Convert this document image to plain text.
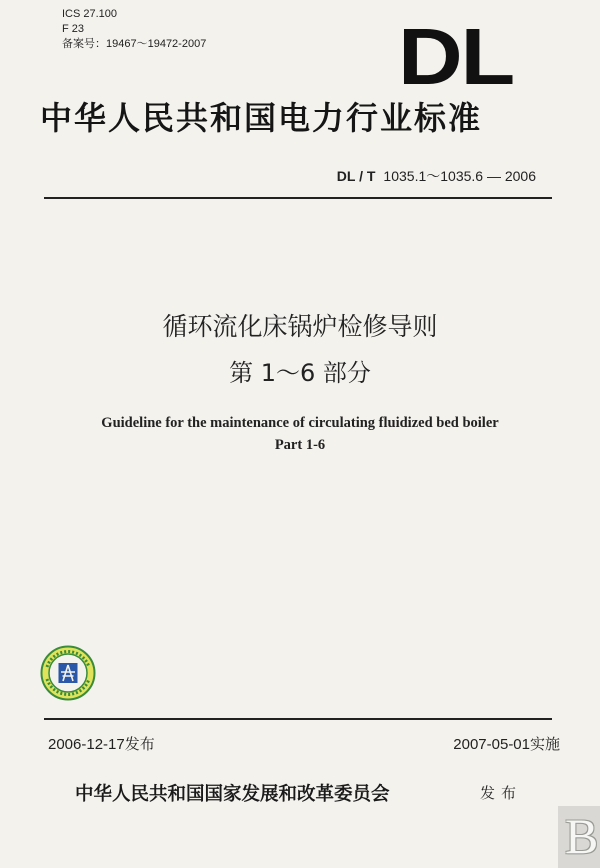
ICS 27.100
F 23
备案号：19467～19472-2007 DL
中华人民共和国电力行业标准
DL / T 1035.1～1035.6 — 2006
循环流化床锅炉检修导则
第 1～6 部分
Guideline for the maintenance of circulating fluidized bed boiler
Part 1-6
2006-12-17发布	2007-05-01实施
中华人民共和国国家发展和改革委员会	发布
B
